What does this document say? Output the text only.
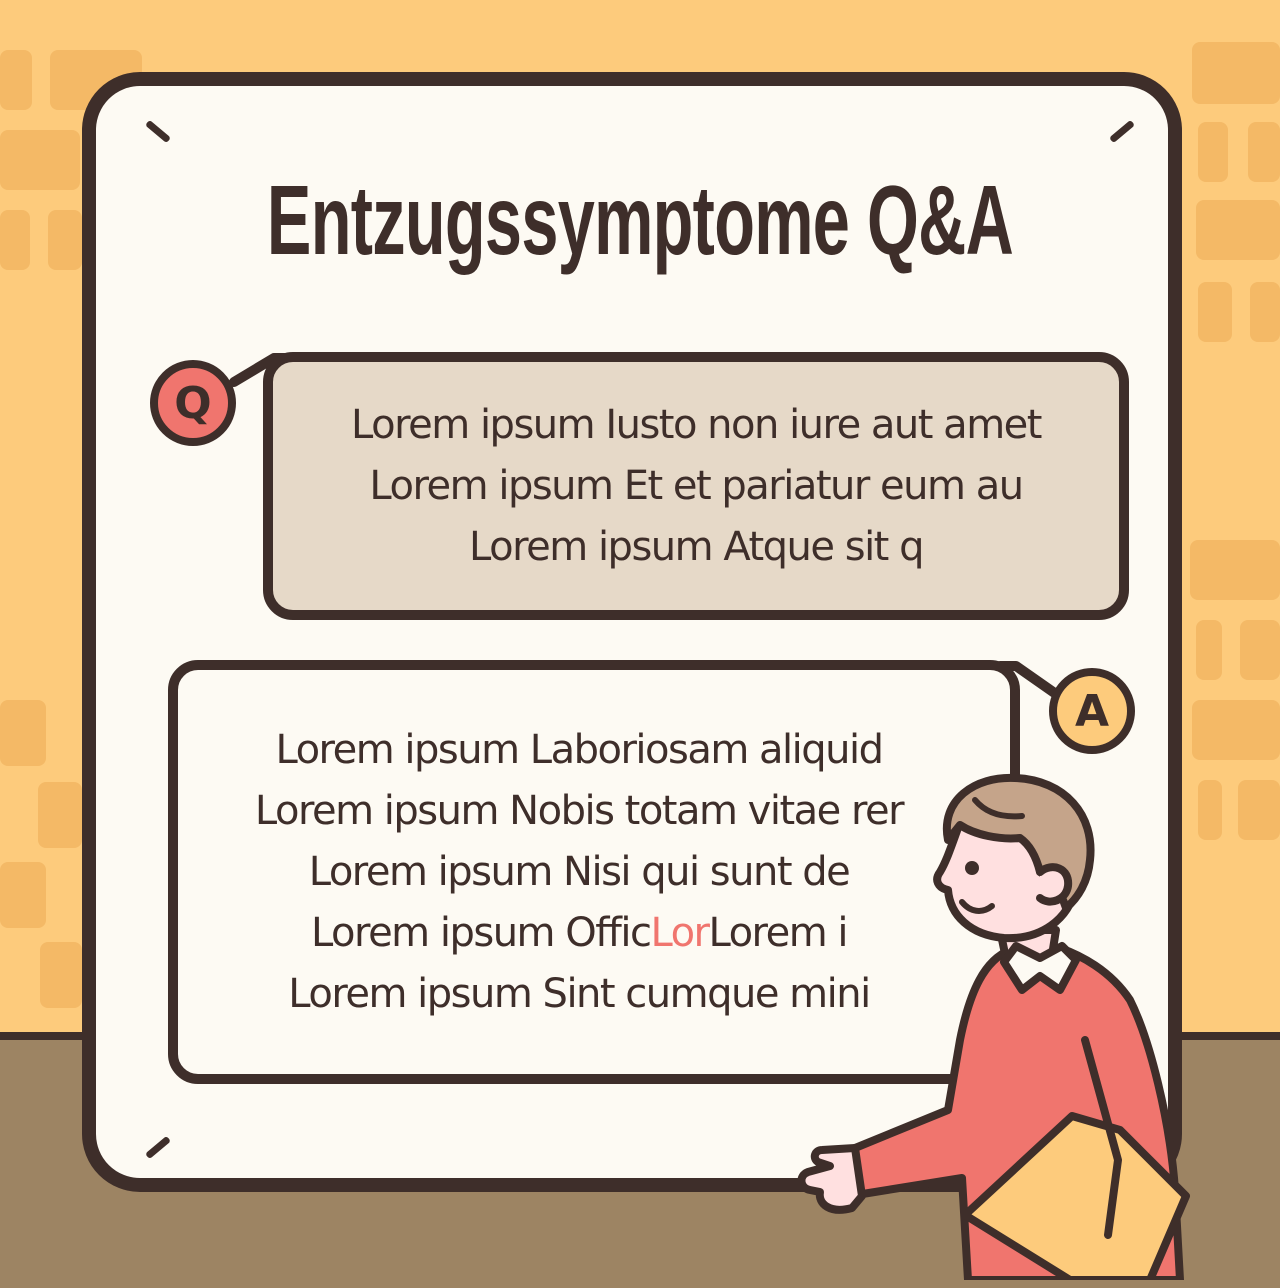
Entzugssymptome Q&A
Lorem ipsum Iusto non iure aut amet
Lorem ipsum Et et pariatur eum au
Lorem ipsum Atque sit q
Q
Lorem ipsum Laboriosam aliquid
Lorem ipsum Nobis totam vitae rer
Lorem ipsum Nisi qui sunt de
Lorem ipsum OfficLorLorem i
Lorem ipsum Sint cumque mini
A
